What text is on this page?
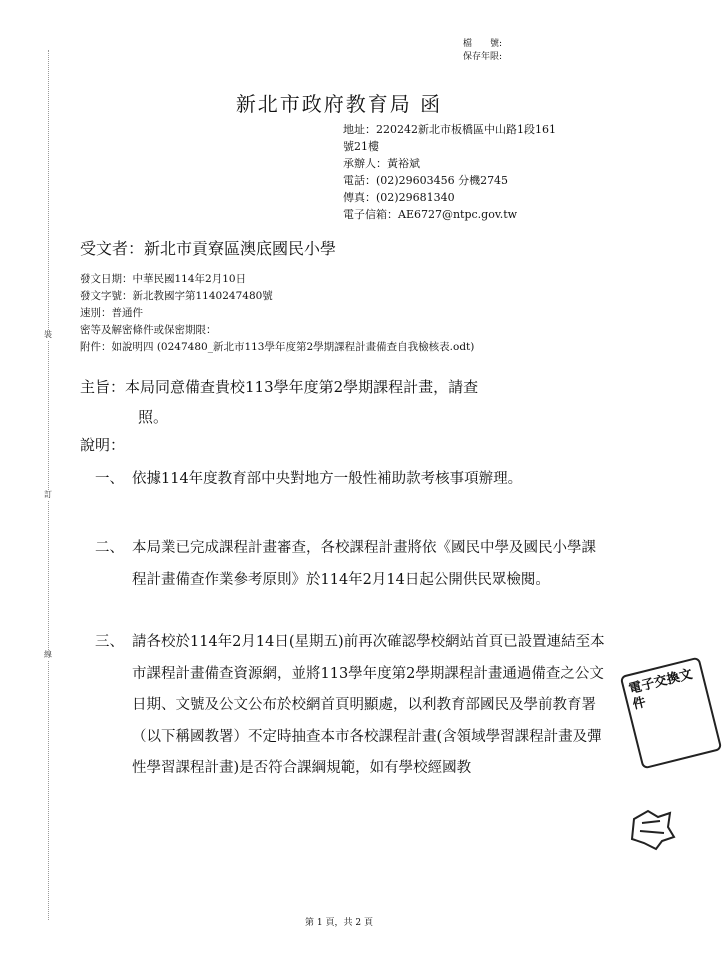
裝
訂
線
檔　　號:
保存年限:
新北市政府教育局 函
地址：220242新北市板橋區中山路1段161
號21樓
承辦人：黃裕斌
電話：(02)29603456 分機2745
傳真：(02)29681340
電子信箱：AE6727@ntpc.gov.tw
受文者：新北市貢寮區澳底國民小學
發文日期：中華民國114年2月10日
發文字號：新北教國字第1140247480號
速別：普通件
密等及解密條件或保密期限：
附件：如說明四 (0247480_新北市113學年度第2學期課程計畫備查自我檢核表.odt)
主旨：本局同意備查貴校113學年度第2學期課程計畫，請查
照。
說明：
一、 依據114年度教育部中央對地方一般性補助款考核事項辦理。
二、 本局業已完成課程計畫審查，各校課程計畫將依《國民中學及國民小學課程計畫備查作業參考原則》於114年2月14日起公開供民眾檢閱。
三、 請各校於114年2月14日(星期五)前再次確認學校網站首頁已設置連結至本市課程計畫備查資源網，並將113學年度第2學期課程計畫通過備查之公文日期、文號及公文公布於校網首頁明顯處，以利教育部國民及學前教育署（以下稱國教署）不定時抽查本市各校課程計畫(含領域學習課程計畫及彈性學習課程計畫)是否符合課綱規範，如有學校經國教
電子交換文件
第 1 頁，共 2 頁
